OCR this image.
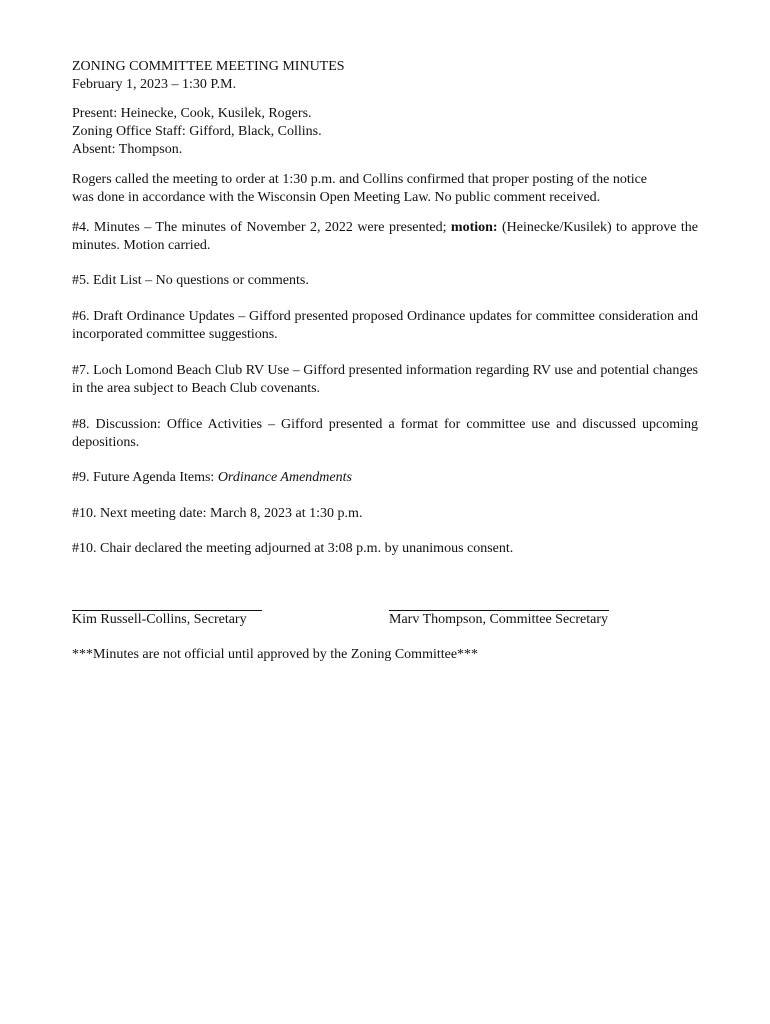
ZONING COMMITTEE MEETING MINUTES
February 1, 2023 – 1:30 P.M.
Present: Heinecke, Cook, Kusilek, Rogers.
Zoning Office Staff: Gifford, Black, Collins.
Absent: Thompson.
Rogers called the meeting to order at 1:30 p.m. and Collins confirmed that proper posting of the notice
was done in accordance with the Wisconsin Open Meeting Law. No public comment received.
#4. Minutes – The minutes of November 2, 2022 were presented; motion: (Heinecke/Kusilek) to approve the minutes. Motion carried.
#5. Edit List – No questions or comments.
#6. Draft Ordinance Updates – Gifford presented proposed Ordinance updates for committee consideration and incorporated committee suggestions.
#7. Loch Lomond Beach Club RV Use – Gifford presented information regarding RV use and potential changes in the area subject to Beach Club covenants.
#8. Discussion: Office Activities – Gifford presented a format for committee use and discussed upcoming depositions.
#9. Future Agenda Items: Ordinance Amendments
#10. Next meeting date: March 8, 2023 at 1:30 p.m.
#10. Chair declared the meeting adjourned at 3:08 p.m. by unanimous consent.
***Minutes are not official until approved by the Zoning Committee***
Kim Russell-Collins, Secretary	Marv Thompson, Committee Secretary
